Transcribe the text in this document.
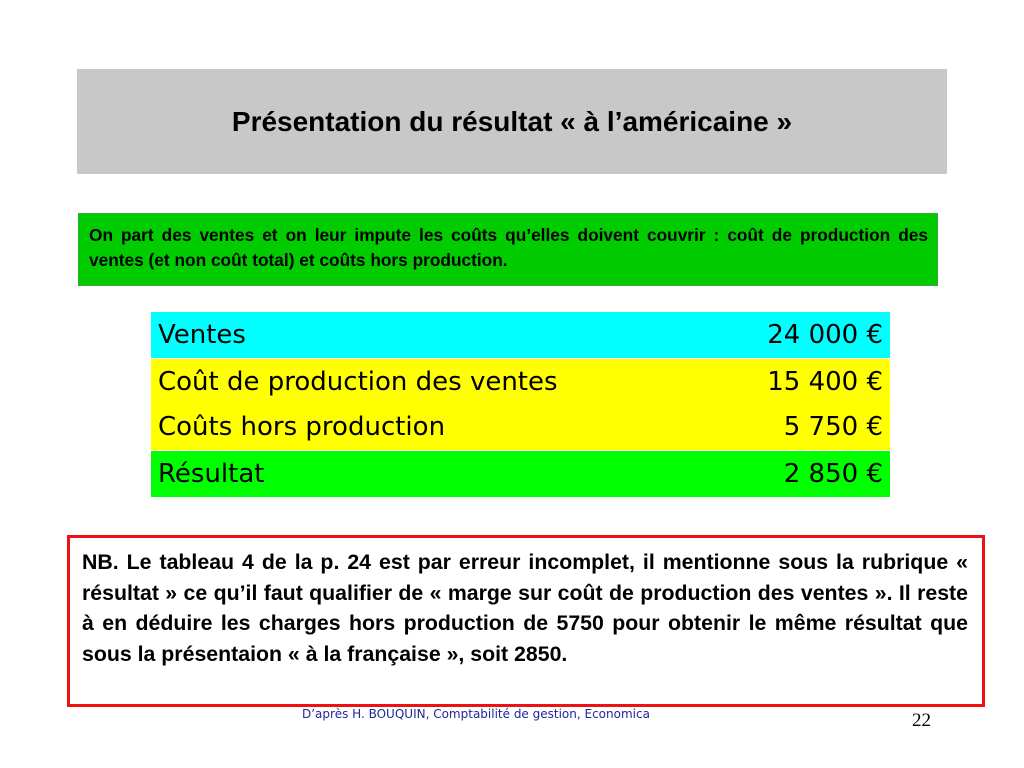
Présentation du résultat « à l’américaine »
On part des ventes et on leur impute les coûts qu’elles doivent couvrir : coût de production des ventes (et non coût total) et coûts hors production.
Ventes	24 000 €
Coût de production des ventes	15 400 €
Coûts hors production	5 750 €
Résultat	2 850 €
NB. Le tableau 4 de la p. 24 est par erreur incomplet, il mentionne sous la rubrique « résultat » ce qu’il faut qualifier de « marge sur coût de production des ventes ». Il reste à en déduire les charges hors production de 5750 pour obtenir le même résultat que sous la présentaion « à la française », soit 2850.
D’après H. BOUQUIN, Comptabilité de gestion, Economica	22
